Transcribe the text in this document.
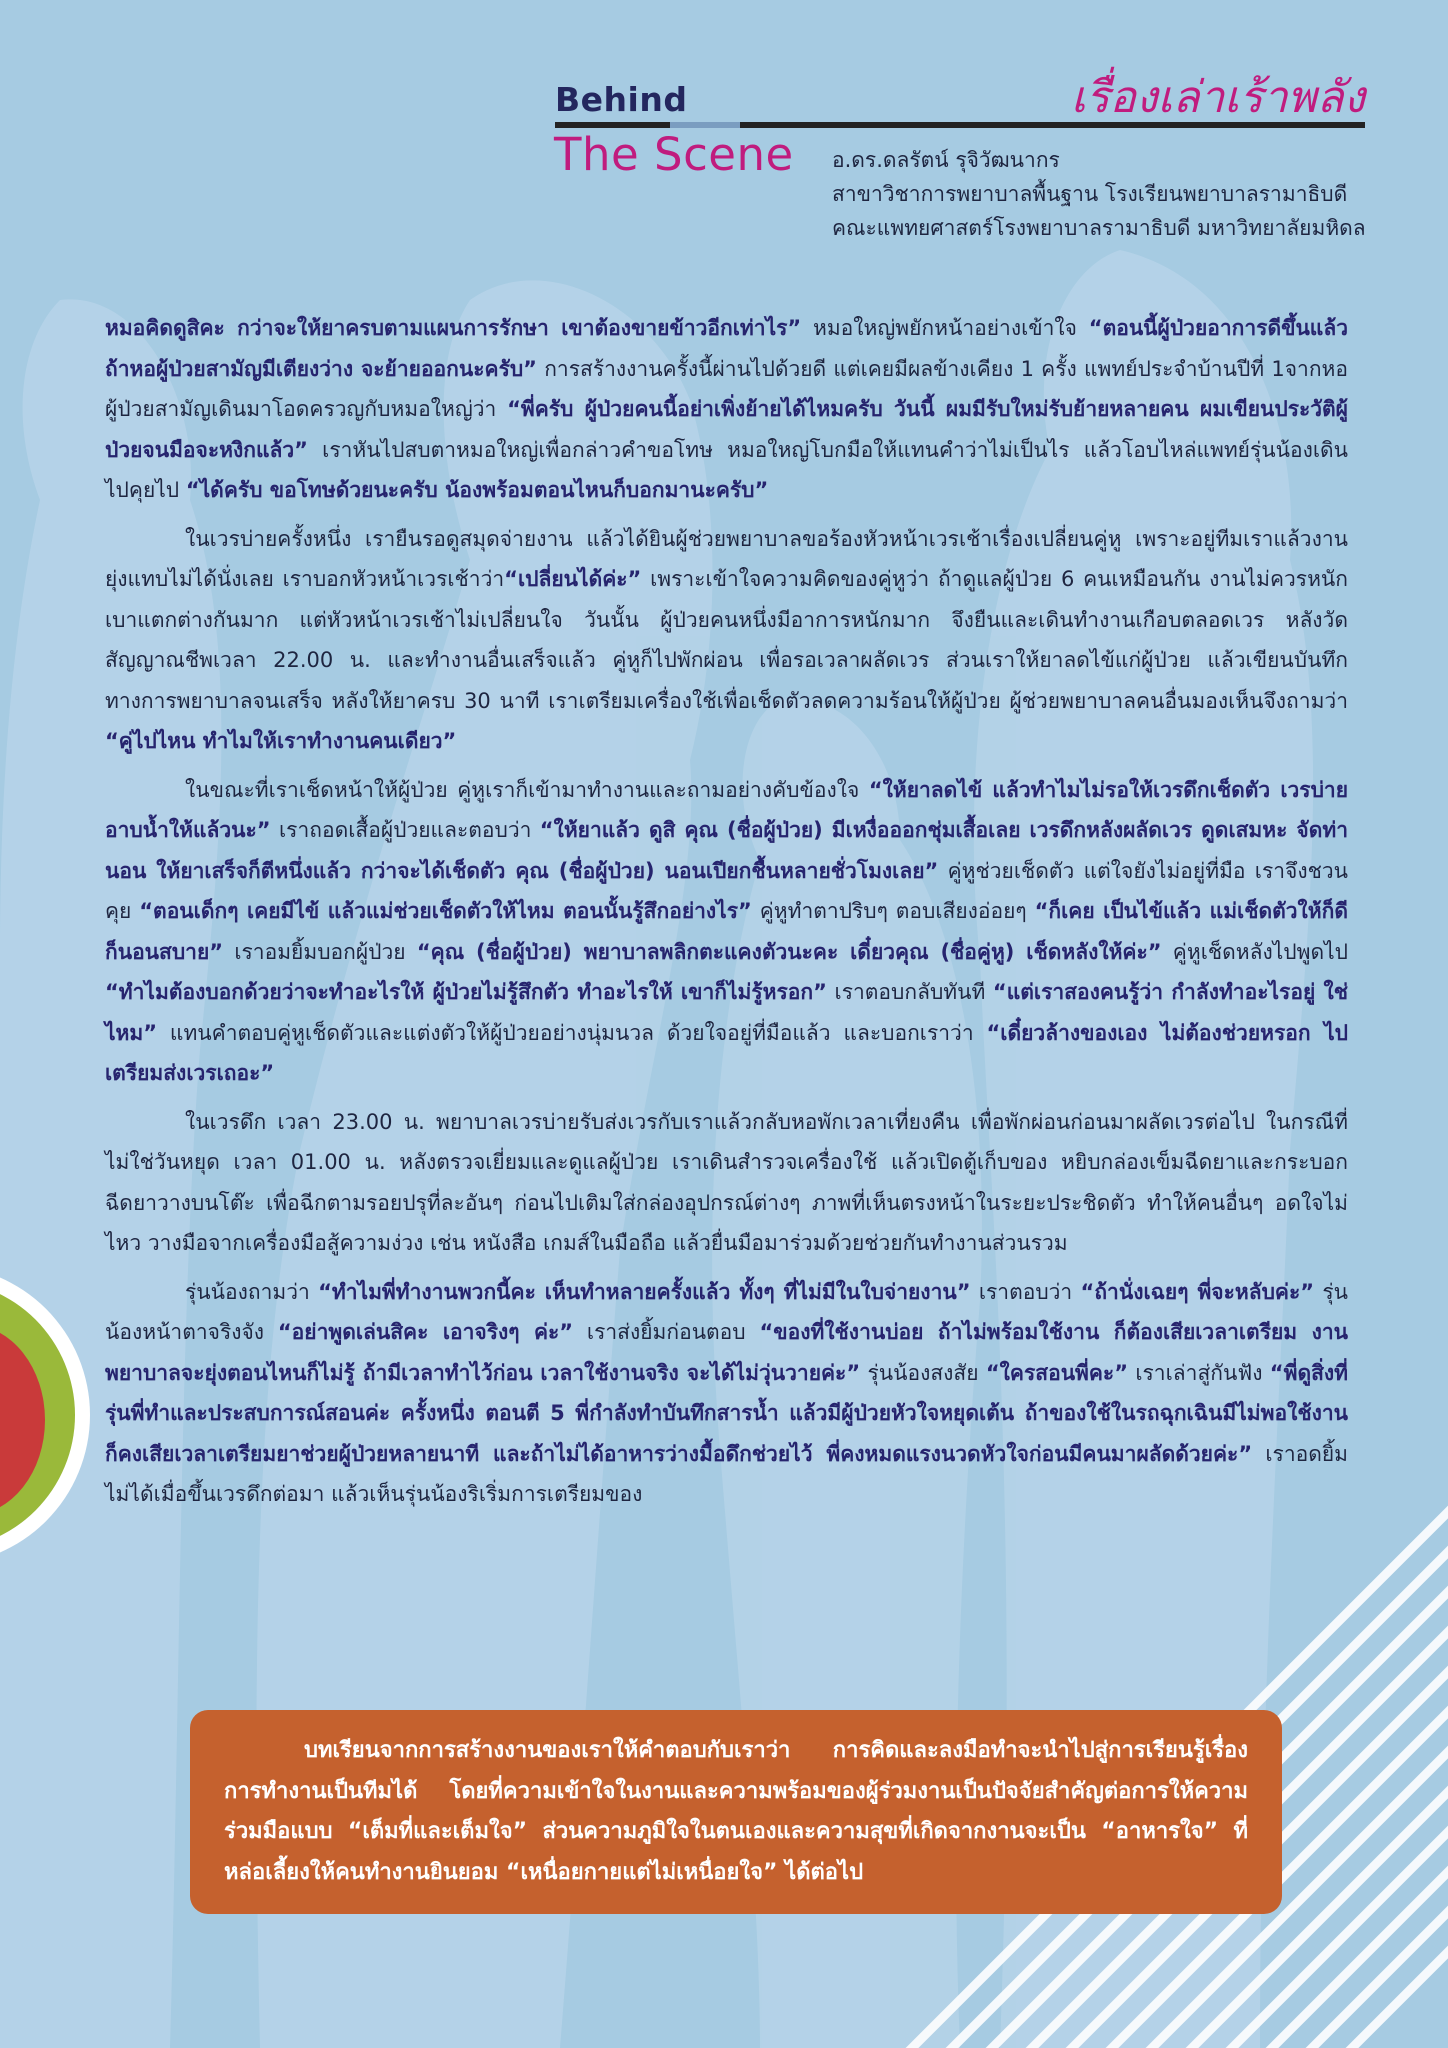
Behind
The Scene
เรื่องเล่าเร้าพลัง
อ.ดร.ดลรัตน์ รุจิวัฒนากร
สาขาวิชาการพยาบาลพื้นฐาน โรงเรียนพยาบาลรามาธิบดี
คณะแพทยศาสตร์โรงพยาบาลรามาธิบดี มหาวิทยาลัยมหิดล

หมอคิดดูสิคะ กว่าจะให้ยาครบตามแผนการรักษา เขาต้องขายข้าวอีกเท่าไร” หมอใหญ่พยักหน้าอย่างเข้าใจ “ตอนนี้ผู้ป่วยอาการดีขึ้นแล้ว ถ้าหอผู้ป่วยสามัญมีเตียงว่าง จะย้ายออกนะครับ” การสร้างงานครั้งนี้ผ่านไปด้วยดี แต่เคยมีผลข้างเคียง 1 ครั้ง แพทย์ประจำบ้านปีที่ 1จากหอผู้ป่วยสามัญเดินมาโอดครวญกับหมอใหญ่ว่า “พี่ครับ ผู้ป่วยคนนี้อย่าเพิ่งย้ายได้ไหมครับ วันนี้ ผมมีรับใหม่รับย้ายหลายคน ผมเขียนประวัติผู้ป่วยจนมือจะหงิกแล้ว” เราหันไปสบตาหมอใหญ่เพื่อกล่าวคำขอโทษ หมอใหญ่โบกมือให้แทนคำว่าไม่เป็นไร แล้วโอบไหล่แพทย์รุ่นน้องเดินไปคุยไป “ได้ครับ ขอโทษด้วยนะครับ น้องพร้อมตอนไหนก็บอกมานะครับ”

ในเวรบ่ายครั้งหนึ่ง เรายืนรอดูสมุดจ่ายงาน แล้วได้ยินผู้ช่วยพยาบาลขอร้องหัวหน้าเวรเช้าเรื่องเปลี่ยนคู่หู เพราะอยู่ทีมเราแล้วงานยุ่งแทบไม่ได้นั่งเลย เราบอกหัวหน้าเวรเช้าว่า“เปลี่ยนได้ค่ะ” เพราะเข้าใจความคิดของคู่หูว่า ถ้าดูแลผู้ป่วย 6 คนเหมือนกัน งานไม่ควรหนักเบาแตกต่างกันมาก แต่หัวหน้าเวรเช้าไม่เปลี่ยนใจ วันนั้น ผู้ป่วยคนหนึ่งมีอาการหนักมาก จึงยืนและเดินทำงานเกือบตลอดเวร หลังวัดสัญญาณชีพเวลา 22.00 น. และทำงานอื่นเสร็จแล้ว คู่หูก็ไปพักผ่อน เพื่อรอเวลาผลัดเวร ส่วนเราให้ยาลดไข้แก่ผู้ป่วย แล้วเขียนบันทึกทางการพยาบาลจนเสร็จ หลังให้ยาครบ 30 นาที เราเตรียมเครื่องใช้เพื่อเช็ดตัวลดความร้อนให้ผู้ป่วย ผู้ช่วยพยาบาลคนอื่นมองเห็นจึงถามว่า “คู่ไปไหน ทำไมให้เราทำงานคนเดียว”

ในขณะที่เราเช็ดหน้าให้ผู้ป่วย คู่หูเราก็เข้ามาทำงานและถามอย่างคับข้องใจ “ให้ยาลดไข้ แล้วทำไมไม่รอให้เวรดึกเช็ดตัว เวรบ่ายอาบน้ำให้แล้วนะ” เราถอดเสื้อผู้ป่วยและตอบว่า “ให้ยาแล้ว ดูสิ คุณ (ชื่อผู้ป่วย) มีเหงื่อออกชุ่มเสื้อเลย เวรดึกหลังผลัดเวร ดูดเสมหะ จัดท่านอน ให้ยาเสร็จก็ตีหนึ่งแล้ว กว่าจะได้เช็ดตัว คุณ (ชื่อผู้ป่วย) นอนเปียกชื้นหลายชั่วโมงเลย” คู่หูช่วยเช็ดตัว แต่ใจยังไม่อยู่ที่มือ เราจึงชวนคุย “ตอนเด็กๆ เคยมีไข้ แล้วแม่ช่วยเช็ดตัวให้ไหม ตอนนั้นรู้สึกอย่างไร” คู่หูทำตาปริบๆ ตอบเสียงอ่อยๆ “ก็เคย เป็นไข้แล้ว แม่เช็ดตัวให้ก็ดี ก็นอนสบาย” เราอมยิ้มบอกผู้ป่วย “คุณ (ชื่อผู้ป่วย) พยาบาลพลิกตะแคงตัวนะคะ เดี๋ยวคุณ (ชื่อคู่หู) เช็ดหลังให้ค่ะ” คู่หูเช็ดหลังไปพูดไป “ทำไมต้องบอกด้วยว่าจะทำอะไรให้ ผู้ป่วยไม่รู้สึกตัว ทำอะไรให้ เขาก็ไม่รู้หรอก” เราตอบกลับทันที “แต่เราสองคนรู้ว่า กำลังทำอะไรอยู่ ใช่ไหม” แทนคำตอบคู่หูเช็ดตัวและแต่งตัวให้ผู้ป่วยอย่างนุ่มนวล ด้วยใจอยู่ที่มือแล้ว และบอกเราว่า “เดี๋ยวล้างของเอง ไม่ต้องช่วยหรอก ไปเตรียมส่งเวรเถอะ”

ในเวรดึก เวลา 23.00 น. พยาบาลเวรบ่ายรับส่งเวรกับเราแล้วกลับหอพักเวลาเที่ยงคืน เพื่อพักผ่อนก่อนมาผลัดเวรต่อไป ในกรณีที่ไม่ใช่วันหยุด เวลา 01.00 น. หลังตรวจเยี่ยมและดูแลผู้ป่วย เราเดินสำรวจเครื่องใช้ แล้วเปิดตู้เก็บของ หยิบกล่องเข็มฉีดยาและกระบอกฉีดยาวางบนโต๊ะ เพื่อฉีกตามรอยปรุที่ละอันๆ ก่อนไปเติมใส่กล่องอุปกรณ์ต่างๆ ภาพที่เห็นตรงหน้าในระยะประชิดตัว ทำให้คนอื่นๆ อดใจไม่ไหว วางมือจากเครื่องมือสู้ความง่วง เช่น หนังสือ เกมส์ในมือถือ แล้วยื่นมือมาร่วมด้วยช่วยกันทำงานส่วนรวม

รุ่นน้องถามว่า “ทำไมพี่ทำงานพวกนี้คะ เห็นทำหลายครั้งแล้ว ทั้งๆ ที่ไม่มีในใบจ่ายงาน” เราตอบว่า “ถ้านั่งเฉยๆ พี่จะหลับค่ะ” รุ่นน้องหน้าตาจริงจัง “อย่าพูดเล่นสิคะ เอาจริงๆ ค่ะ” เราส่งยิ้มก่อนตอบ “ของที่ใช้งานบ่อย ถ้าไม่พร้อมใช้งาน ก็ต้องเสียเวลาเตรียม งานพยาบาลจะยุ่งตอนไหนก็ไม่รู้ ถ้ามีเวลาทำไว้ก่อน เวลาใช้งานจริง จะได้ไม่วุ่นวายค่ะ” รุ่นน้องสงสัย “ใครสอนพี่คะ” เราเล่าสู่กันฟัง “พี่ดูสิ่งที่รุ่นพี่ทำและประสบการณ์สอนค่ะ ครั้งหนึ่ง ตอนตี 5 พี่กำลังทำบันทึกสารน้ำ แล้วมีผู้ป่วยหัวใจหยุดเต้น ถ้าของใช้ในรถฉุกเฉินมีไม่พอใช้งาน ก็คงเสียเวลาเตรียมยาช่วยผู้ป่วยหลายนาที และถ้าไม่ได้อาหารว่างมื้อดึกช่วยไว้ พี่คงหมดแรงนวดหัวใจก่อนมีคนมาผลัดด้วยค่ะ” เราอดยิ้มไม่ได้เมื่อขึ้นเวรดึกต่อมา แล้วเห็นรุ่นน้องริเริ่มการเตรียมของ

บทเรียนจากการสร้างงานของเราให้คำตอบกับเราว่า การคิดและลงมือทำจะนำไปสู่การเรียนรู้เรื่องการทำงานเป็นทีมได้ โดยที่ความเข้าใจในงานและความพร้อมของผู้ร่วมงานเป็นปัจจัยสำคัญต่อการให้ความร่วมมือแบบ “เต็มที่และเต็มใจ” ส่วนความภูมิใจในตนเองและความสุขที่เกิดจากงานจะเป็น “อาหารใจ” ที่หล่อเลี้ยงให้คนทำงานยินยอม “เหนื่อยกายแต่ไม่เหนื่อยใจ” ได้ต่อไป
